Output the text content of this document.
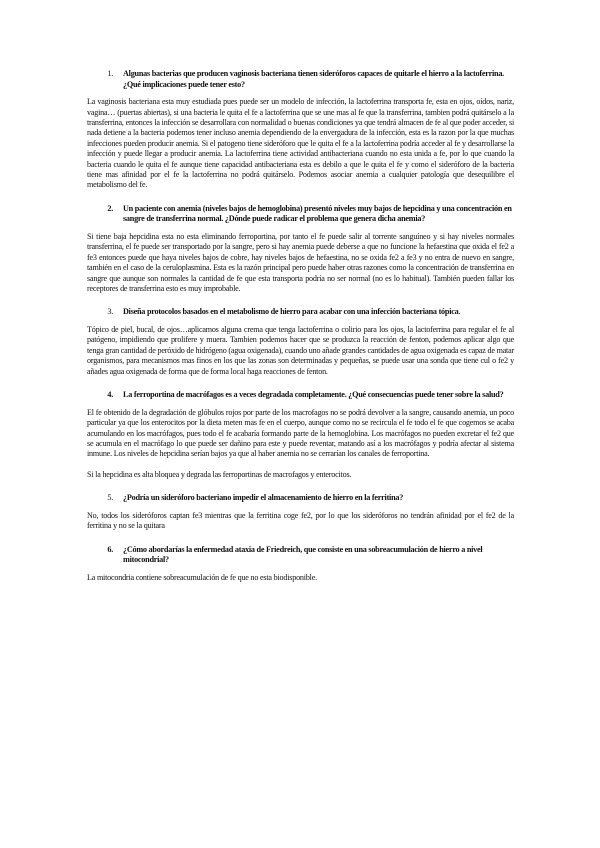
1.	Algunas bacterias que producen vaginosis bacteriana tienen sideróforos capaces de quitarle el hierro a la lactoferrina. ¿Qué implicaciones puede tener esto?

La vaginosis bacteriana esta muy estudiada pues puede ser un modelo de infección, la lactoferrina transporta fe, esta en ojos, oídos, nariz, vagina… (puertas abiertas), si una bacteria le quita el fe a lactoferrina que se une mas al fe que la transferrina, tambien podrá quitárselo a la transferrina, entonces la infección se desarrollara con normalidad o buenas condiciones ya que tendrá almacen de fe al que poder acceder, si nada detiene a la bacteria podemos tener incluso anemia dependiendo de la envergadura de la infección, esta es la razon por la que muchas infecciones pueden producir anemia. Si el patogeno tiene sideróforo que le quita el fe a la lactoferrina podría acceder al fe y desarrollarse la infección y puede llegar a producir anemia. La lactoferrina tiene actividad antibacteriana cuando no esta unida a fe, por lo que cuando la bacteria cuando le quita el fe aunque tiene capacidad antibacteriana esta es debilo a que le quita el fe y como el sideróforo de la bacteria tiene mas afinidad por el fe la lactoferrina no podrá quitárselo. Podemos asociar anemia a cualquier patología que desequilibre el metabolismo del fe.

2.	Un paciente con anemia (niveles bajos de hemoglobina) presentó niveles muy bajos de hepcidina y una concentración en sangre de transferrina normal. ¿Dónde puede radicar el problema que genera dicha anemia?

Si tiene baja hepcidina esta no esta eliminando ferroportina, por tanto el fe puede salir al torrente sanguíneo y si hay niveles normales transferrina, el fe puede ser transportado por la sangre, pero si hay anemia puede deberse a que no funcione la hefaestina que oxida el fe2 a fe3 entonces puede que haya niveles bajos de cobre, hay niveles bajos de hefaestina, no se oxida fe2 a fe3 y no entra de nuevo en sangre, también en el caso de la ceruloplasmina. Esta es la razón principal pero puede haber otras razones como la concentración de transferrina en sangre que aunque son normales la cantidad de fe que esta transporta podría no ser normal (no es lo habitual). También pueden fallar los receptores de transferrina esto es muy improbable.

3.	Diseña protocolos basados en el metabolismo de hierro para acabar con una infección bacteriana tópica.

Tópico de piel, bucal, de ojos…aplicamos alguna crema que tenga lactoferrina o colirio para los ojos, la lactoferrina para regular el fe al patógeno, impidiendo que prolifere y muera. Tambien podemos hacer que se produzca la reacción de fenton, podemos aplicar algo que tenga gran cantidad de peróxido de hidrógeno (agua oxigenada), cuando uno añade grandes cantidades de agua oxigenada es capaz de matar organismos, para mecanismos mas finos en los que las zonas son determinadas y pequeñas, se puede usar una sonda que tiene cul o fe2 y añades agua oxigenada de forma que de forma local haga reacciones de fenton.

4.	La ferroportina de macrófagos es a veces degradada completamente. ¿Qué consecuencias puede tener sobre la salud?

El fe obtenido de la degradación de glóbulos rojos por parte de los macrofagos no se podrá devolver a la sangre, causando anemia, un poco particular ya que los enterocitos por la dieta meten mas fe en el cuerpo, aunque como no se recircula el fe todo el fe que cogemos se acaba acumulando en los macrófagos, pues todo el fe acabaría formando parte de la hemoglobina. Los macrófagos no pueden excretar el fe2 que se acumula en el macrófago lo que puede ser dañino para este y puede reventar, matando así a los macrófagos y podría afectar al sistema inmune. Los niveles de hepcidina serían bajos ya que al haber anemia no se cerrarían los canales de ferroportina.

Si la hepcidina es alta bloquea y degrada las ferroportinas de macrofagos y enterocitos.

5.	¿Podría un sideróforo bacteriano impedir el almacenamiento de hierro en la ferritina?

No, todos los sideróforos captan fe3 mientras que la ferritina coge fe2, por lo que los sideróforos no tendrán afinidad por el fe2 de la ferritina y no se la quitara

6.	¿Cómo abordarías la enfermedad ataxia de Friedreich, que consiste en una sobreacumulación de hierro a nivel mitocondrial?

La mitocondria contiene sobreacumulación de fe que no esta biodisponible.
